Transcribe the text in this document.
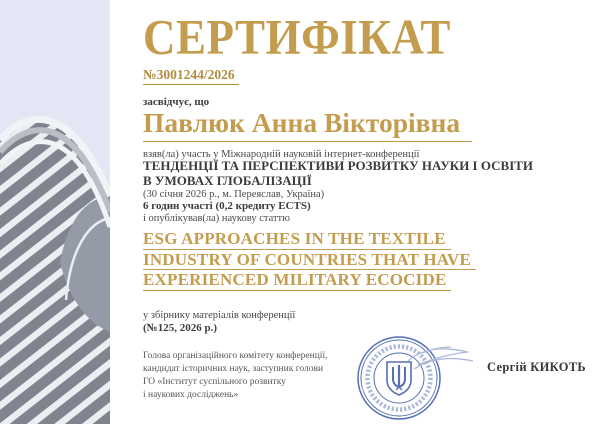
СЕРТИФІКАТ
№3001244/2026
засвідчує, що
Павлюк Анна Вікторівна
взяв(ла) участь у Міжнародній науковій інтернет-конференції
ТЕНДЕНЦІЇ ТА ПЕРСПЕКТИВИ РОЗВИТКУ НАУКИ І ОСВІТИ
В УМОВАХ ГЛОБАЛІЗАЦІЇ
(30 січня 2026 р., м. Переяслав, Україна)
6 годин участі (0,2 кредиту ECTS)
і опублікував(ла) наукову статтю
ESG APPROACHES IN THE TEXTILE
INDUSTRY OF COUNTRIES THAT HAVE
EXPERIENCED MILITARY ECOCIDE
у збірнику матеріалів конференції
(№125, 2026 р.)
Голова організаційного комітету конференції,
кандидат історичних наук, заступник голови
ГО «Інститут суспільного розвитку
і наукових досліджень»
Сергій КИКОТЬ
